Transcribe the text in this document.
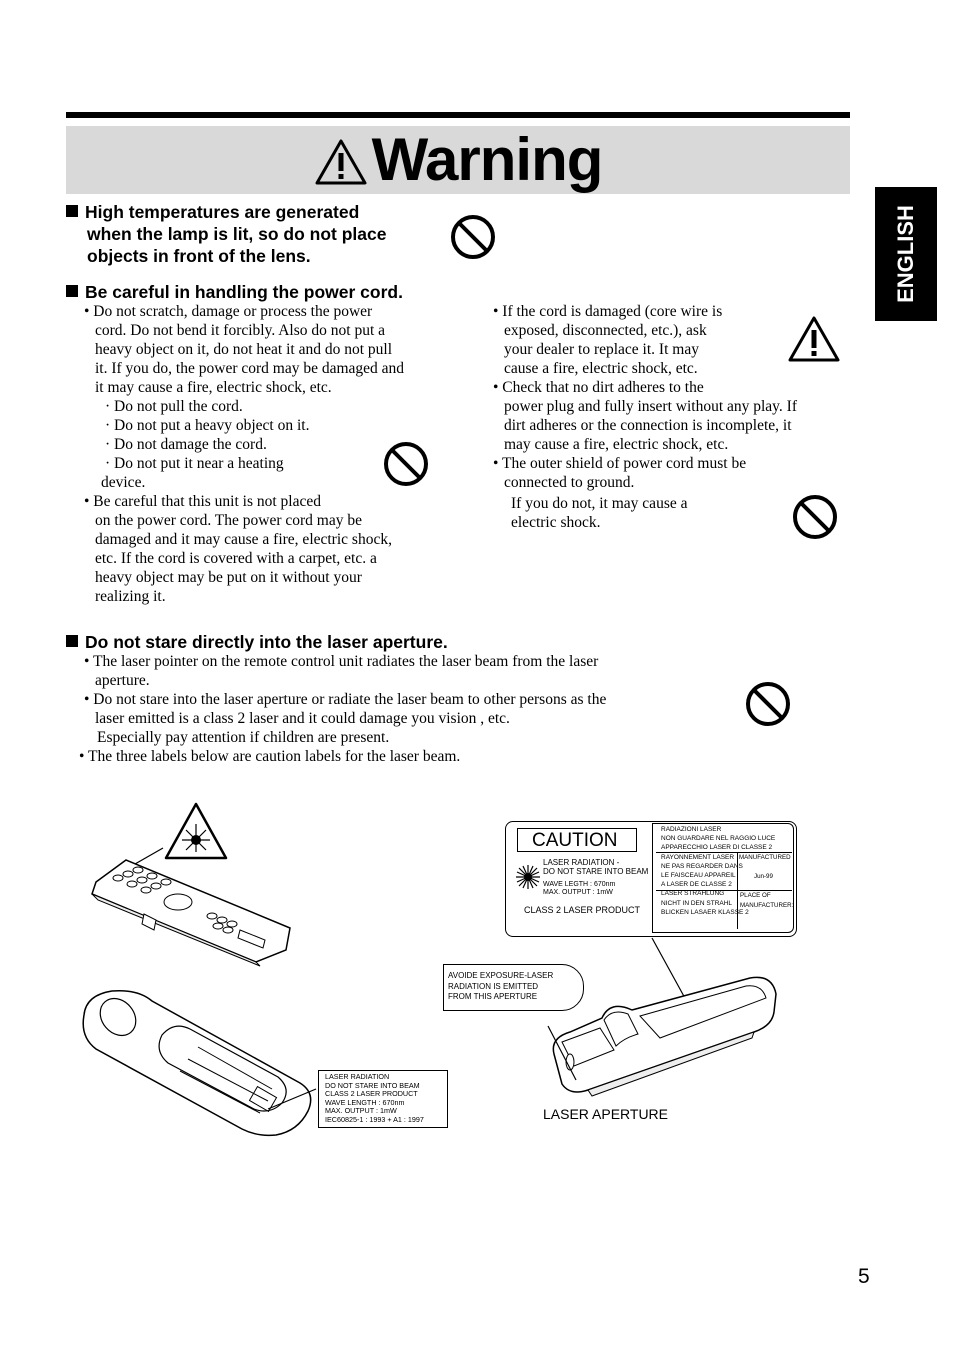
Warning
ENGLISH
High temperatures are generated
when the lamp is lit, so do not place
objects in front of the lens.
Be careful in handling the power cord.
• Do not scratch, damage or process the power
cord. Do not bend it forcibly. Also do not put a
heavy object on it, do not heat it and do not pull
it. If you do, the power cord may be damaged and
it may cause a fire, electric shock, etc.
· Do not pull the cord.
· Do not put a heavy object on it.
· Do not damage the cord.
· Do not put it near a heating
device.
• Be careful that this unit is not placed
on the power cord. The power cord may be
damaged and it may cause a fire, electric shock,
etc. If the cord is covered with a carpet, etc. a
heavy object may be put on it without your
realizing it.
• If the cord is damaged (core wire is
exposed, disconnected, etc.), ask
your dealer to replace it. It may
cause a fire, electric shock, etc.
• Check that no dirt adheres to the
power plug and fully insert without any play. If
dirt adheres or the connection is incomplete, it
may cause a fire, electric shock, etc.
• The outer shield of power cord must be
connected to ground.
If you do not, it may cause a
electric shock.
Do not stare directly into the laser aperture.
• The laser pointer on the remote control unit radiates the laser beam from the laser
aperture.
• Do not stare into the laser aperture or radiate the laser beam to other persons as the
laser emitted is a class 2 laser and it could damage you vision , etc.
Especially pay attention if children are present.
• The three labels below are caution labels for the laser beam.
CAUTION
LASER RADIATION -
DO NOT STARE INTO BEAM
WAVE LEGTH : 670nm
MAX. OUTPUT : 1mW
CLASS 2 LASER PRODUCT
RADIAZIONI LASER
NON GUARDARE NEL RAGGIO LUCE
APPARECCHIO LASER DI CLASSE 2
RAYONNEMENT LASER
NE PAS REGARDER DANS
LE FAISCEAU APPAREIL
A LASER DE CLASSE 2
LASER STRAHLUNG
NICHT IN DEN STRAHL
BLICKEN LASAER KLASSE 2
MANUFACTURED
Jun-99
PLACE OF
MANUFACTURER:
AVOIDE EXPOSURE-LASER
RADIATION IS EMITTED
FROM THIS APERTURE
LASER APERTURE
LASER RADIATION
DO NOT STARE INTO BEAM
CLASS 2 LASER PRODUCT
WAVE LENGTH : 670nm
MAX. OUTPUT : 1mW
IEC60825-1 : 1993 + A1 : 1997
5
